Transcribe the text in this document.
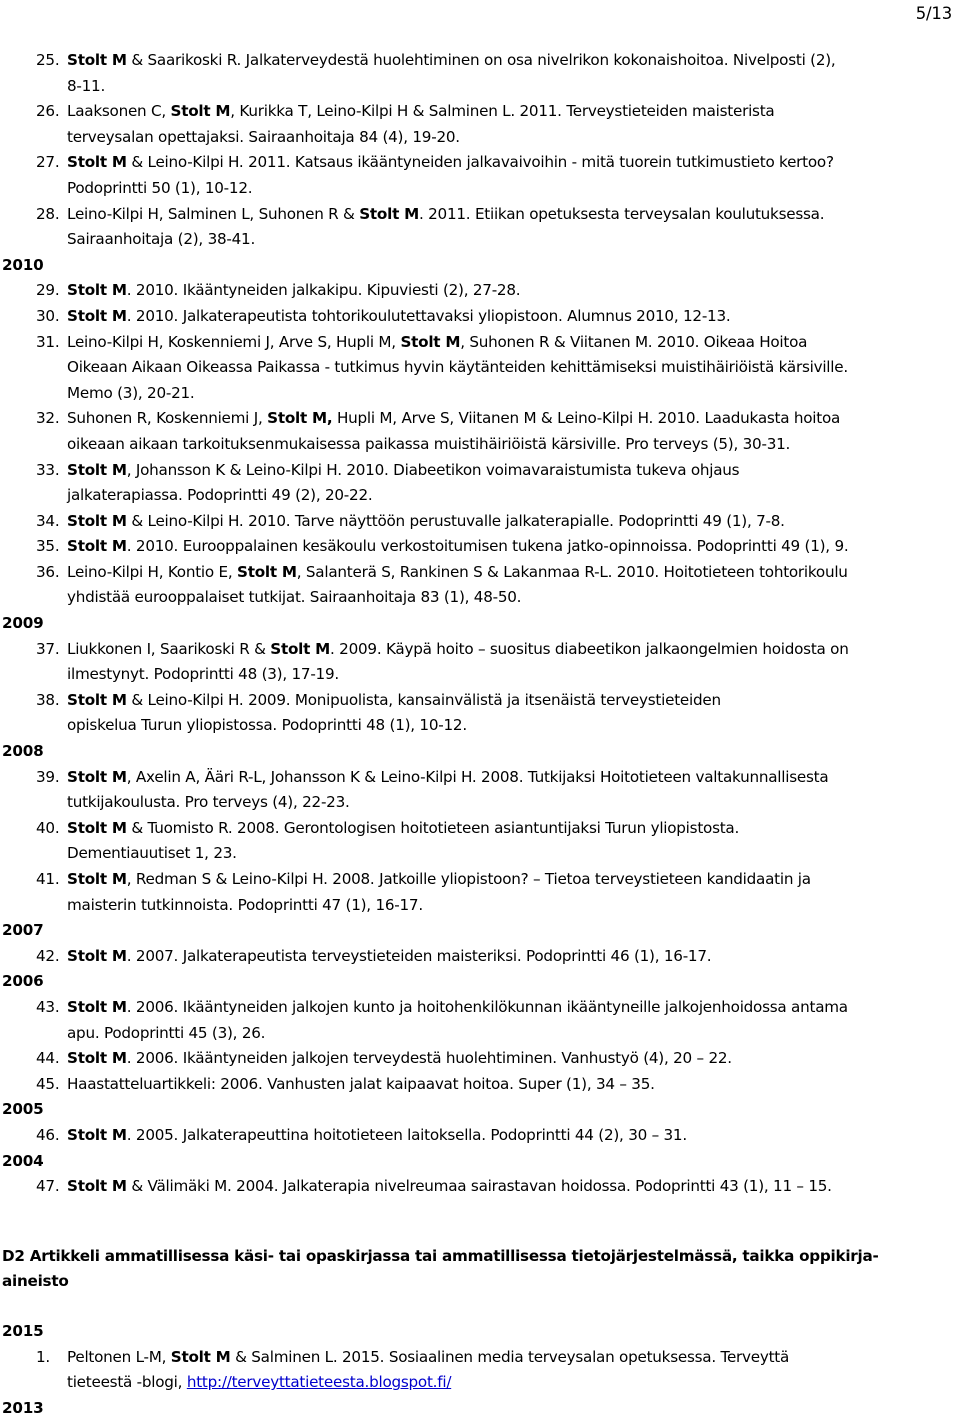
5/13
25. Stolt M & Saarikoski R. Jalkaterveydestä huolehtiminen on osa nivelrikon kokonaishoitoa. Nivelposti (2),
8-11.
26. Laaksonen C, Stolt M, Kurikka T, Leino-Kilpi H & Salminen L. 2011. Terveystieteiden maisterista
terveysalan opettajaksi. Sairaanhoitaja 84 (4), 19-20.
27. Stolt M & Leino-Kilpi H. 2011. Katsaus ikääntyneiden jalkavaivoihin - mitä tuorein tutkimustieto kertoo?
Podoprintti 50 (1), 10-12.
28. Leino-Kilpi H, Salminen L, Suhonen R & Stolt M. 2011. Etiikan opetuksesta terveysalan koulutuksessa.
Sairaanhoitaja (2), 38-41.
2010
29. Stolt M. 2010. Ikääntyneiden jalkakipu. Kipuviesti (2), 27-28.
30. Stolt M. 2010. Jalkaterapeutista tohtorikoulutettavaksi yliopistoon. Alumnus 2010, 12-13.
31. Leino-Kilpi H, Koskenniemi J, Arve S, Hupli M, Stolt M, Suhonen R & Viitanen M. 2010. Oikeaa Hoitoa
Oikeaan Aikaan Oikeassa Paikassa - tutkimus hyvin käytänteiden kehittämiseksi muistihäiriöistä kärsiville.
Memo (3), 20-21.
32. Suhonen R, Koskenniemi J, Stolt M, Hupli M, Arve S, Viitanen M & Leino-Kilpi H. 2010. Laadukasta hoitoa
oikeaan aikaan tarkoituksenmukaisessa paikassa muistihäiriöistä kärsiville. Pro terveys (5), 30-31.
33. Stolt M, Johansson K & Leino-Kilpi H. 2010. Diabeetikon voimavaraistumista tukeva ohjaus
jalkaterapiassa. Podoprintti 49 (2), 20-22.
34. Stolt M & Leino-Kilpi H. 2010. Tarve näyttöön perustuvalle jalkaterapialle. Podoprintti 49 (1), 7-8.
35. Stolt M. 2010. Eurooppalainen kesäkoulu verkostoitumisen tukena jatko-opinnoissa. Podoprintti 49 (1), 9.
36. Leino-Kilpi H, Kontio E, Stolt M, Salanterä S, Rankinen S & Lakanmaa R-L. 2010. Hoitotieteen tohtorikoulu
yhdistää eurooppalaiset tutkijat. Sairaanhoitaja 83 (1), 48-50.
2009
37. Liukkonen I, Saarikoski R & Stolt M. 2009. Käypä hoito – suositus diabeetikon jalkaongelmien hoidosta on
ilmestynyt. Podoprintti 48 (3), 17-19.
38. Stolt M & Leino-Kilpi H. 2009. Monipuolista, kansainvälistä ja itsenäistä terveystieteiden
opiskelua Turun yliopistossa. Podoprintti 48 (1), 10-12.
2008
39. Stolt M, Axelin A, Ääri R-L, Johansson K & Leino-Kilpi H. 2008. Tutkijaksi Hoitotieteen valtakunnallisesta
tutkijakoulusta. Pro terveys (4), 22-23.
40. Stolt M & Tuomisto R. 2008. Gerontologisen hoitotieteen asiantuntijaksi Turun yliopistosta.
Dementiauutiset 1, 23.
41. Stolt M, Redman S & Leino-Kilpi H. 2008. Jatkoille yliopistoon? – Tietoa terveystieteen kandidaatin ja
maisterin tutkinnoista. Podoprintti 47 (1), 16-17.
2007
42. Stolt M. 2007. Jalkaterapeutista terveystieteiden maisteriksi. Podoprintti 46 (1), 16-17.
2006
43. Stolt M. 2006. Ikääntyneiden jalkojen kunto ja hoitohenkilökunnan ikääntyneille jalkojenhoidossa antama
apu. Podoprintti 45 (3), 26.
44. Stolt M. 2006. Ikääntyneiden jalkojen terveydestä huolehtiminen. Vanhustyö (4), 20 – 22.
45. Haastatteluartikkeli: 2006. Vanhusten jalat kaipaavat hoitoa. Super (1), 34 – 35.
2005
46. Stolt M. 2005. Jalkaterapeuttina hoitotieteen laitoksella. Podoprintti 44 (2), 30 – 31.
2004
47. Stolt M & Välimäki M. 2004. Jalkaterapia nivelreumaa sairastavan hoidossa. Podoprintti 43 (1), 11 – 15.
D2 Artikkeli ammatillisessa käsi- tai opaskirjassa tai ammatillisessa tietojärjestelmässä, taikka oppikirja-
aineisto
2015
1. Peltonen L-M, Stolt M & Salminen L. 2015. Sosiaalinen media terveysalan opetuksessa. Terveyttä
tieteestä -blogi, http://terveyttatieteesta.blogspot.fi/
2013
